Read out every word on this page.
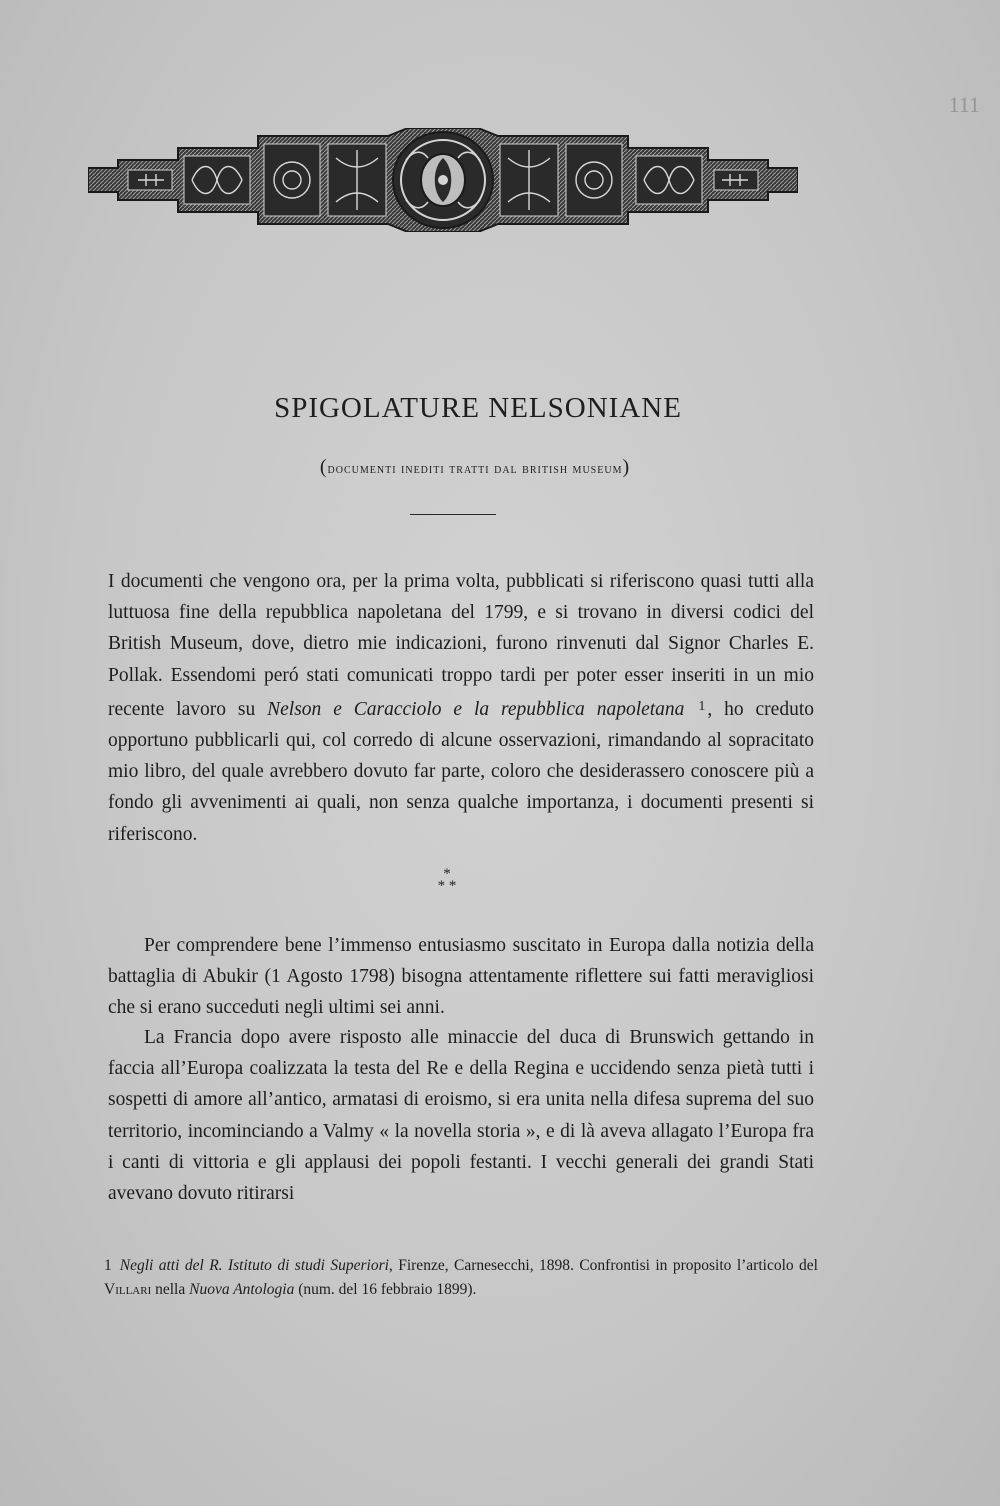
111
SPIGOLATURE NELSONIANE
(documenti inediti tratti dal british museum)

I documenti che vengono ora, per la prima volta, pubblicati si riferiscono quasi tutti alla luttuosa fine della repubblica napoletana del 1799, e si trovano in diversi codici del British Museum, dove, dietro mie indicazioni, furono rinvenuti dal Signor Charles E. Pollak. Essendomi peró stati comunicati troppo tardi per poter esser inseriti in un mio recente lavoro su Nelson e Caracciolo e la repubblica napoletana $^1$ , ho creduto opportuno pubblicarli qui, col corredo di alcune osservazioni, rimandando al sopracitato mio libro, del quale avrebbero dovuto far parte, coloro che desiderassero conoscere più a fondo gli avvenimenti ai quali, non senza qualche importanza, i documenti presenti si riferiscono.

*
* *

Per comprendere bene l’immenso entusiasmo suscitato in Europa dalla notizia della battaglia di Abukir (1 Agosto 1798) bisogna attentamente riflettere sui fatti meravigliosi che si erano succeduti negli ultimi sei anni.

La Francia dopo avere risposto alle minaccie del duca di Brunswich gettando in faccia all’Europa coalizzata la testa del Re e della Regina e uccidendo senza pietà tutti i sospetti di amore all’antico, armatasi di eroismo, si era unita nella difesa suprema del suo territorio, incominciando a Valmy « la novella storia », e di là aveva allagato l’Europa fra i canti di vittoria e gli applausi dei popoli festanti. I vecchi generali dei grandi Stati avevano dovuto ritirarsi

1 Negli atti del R. Istituto di studi Superiori, Firenze, Carnesecchi, 1898. Confrontisi in proposito l’articolo del Villari nella Nuova Antologia (num. del 16 febbraio 1899).
